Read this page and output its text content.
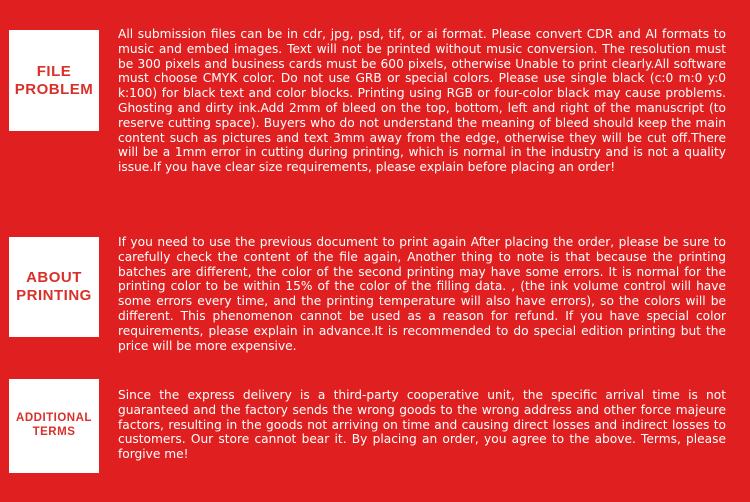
FILE
PROBLEM

All submission files can be in cdr, jpg, psd, tif, or ai format. Please convert CDR and AI formats to music and embed images. Text will not be printed without music conversion. The resolution must be 300 pixels and business cards must be 600 pixels, otherwise Unable to print clearly.All software must choose CMYK color. Do not use GRB or special colors. Please use single black (c:0 m:0 y:0 k:100) for black text and color blocks. Printing using RGB or four-color black may cause problems. Ghosting and dirty ink.Add 2mm of bleed on the top, bottom, left and right of the manuscript (to reserve cutting space). Buyers who do not understand the meaning of bleed should keep the main content such as pictures and text 3mm away from the edge, otherwise they will be cut off.There will be a 1mm error in cutting during printing, which is normal in the industry and is not a quality issue.If you have clear size requirements, please explain before placing an order!

ABOUT
PRINTING

If you need to use the previous document to print again After placing the order, please be sure to carefully check the content of the file again, Another thing to note is that because the printing batches are different, the color of the second printing may have some errors. It is normal for the printing color to be within 15% of the color of the filling data. , (the ink volume control will have some errors every time, and the printing temperature will also have errors), so the colors will be different. This phenomenon cannot be used as a reason for refund. If you have special color requirements, please explain in advance.It is recommended to do special edition printing but the price will be more expensive.

ADDITIONAL
TERMS

Since the express delivery is a third-party cooperative unit, the specific arrival time is not guaranteed and the factory sends the wrong goods to the wrong address and other force majeure factors, resulting in the goods not arriving on time and causing direct losses and indirect losses to customers. Our store cannot bear it. By placing an order, you agree to the above. Terms, please forgive me!
